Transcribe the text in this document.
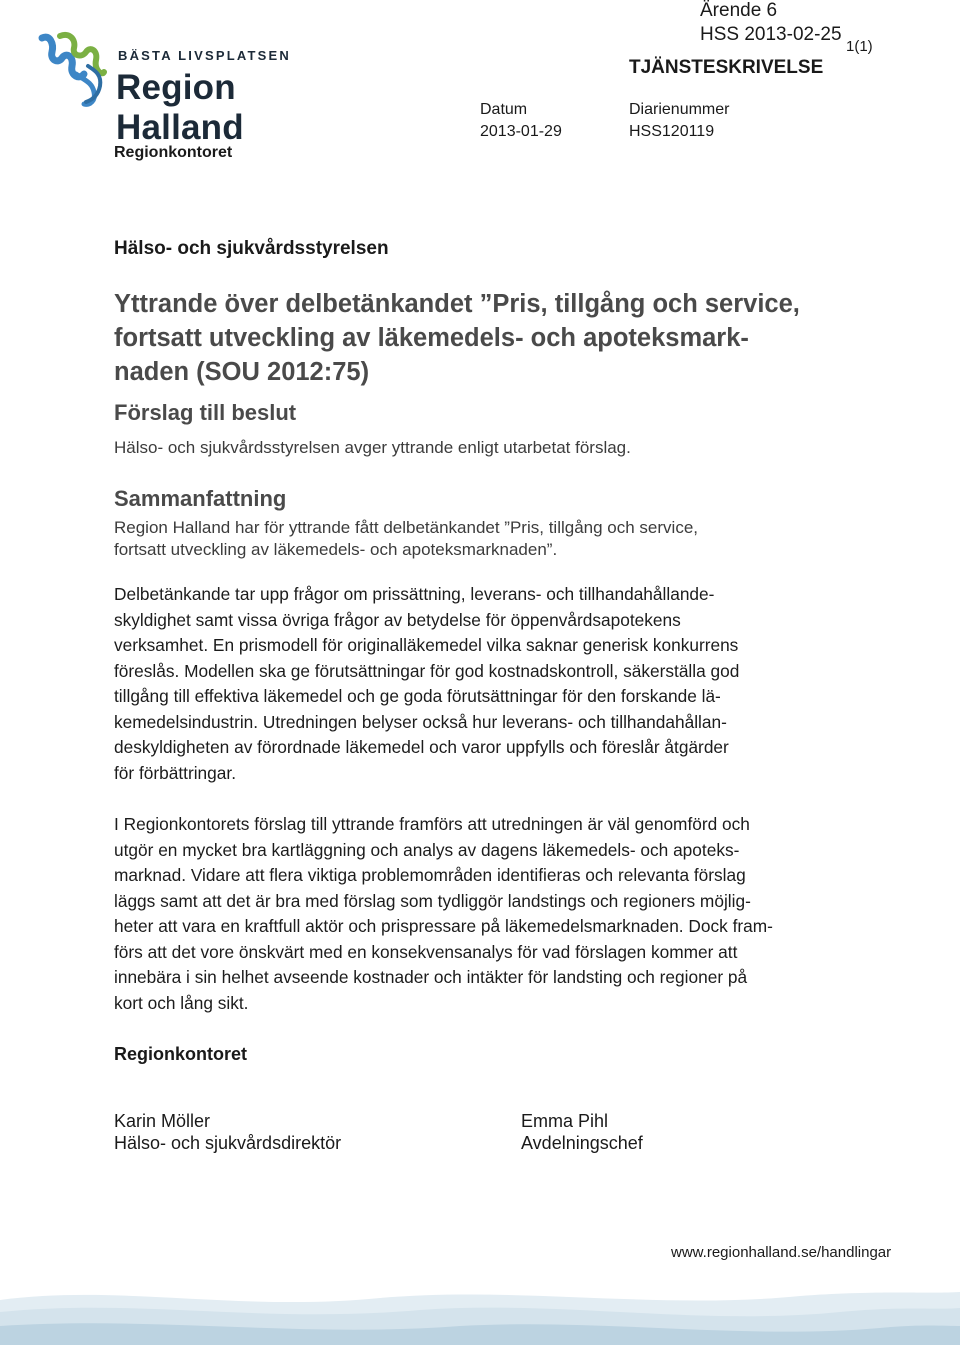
BÄSTA LIVSPLATSEN
Region Halland
Ärende 6
HSS 2013-02-25
1(1)
TJÄNSTESKRIVELSE
Datum	Diarienummer
2013-01-29	HSS120119
Regionkontoret
Hälso- och sjukvårdsstyrelsen
Yttrande över delbetänkandet ”Pris, tillgång och service,
fortsatt utveckling av läkemedels- och apoteksmark-
naden (SOU 2012:75)
Förslag till beslut
Hälso- och sjukvårdsstyrelsen avger yttrande enligt utarbetat förslag.
Sammanfattning
Region Halland har för yttrande fått delbetänkandet ”Pris, tillgång och service,
fortsatt utveckling av läkemedels- och apoteksmarknaden”.
Delbetänkande tar upp frågor om prissättning, leverans- och tillhandahållande-
skyldighet samt vissa övriga frågor av betydelse för öppenvårdsapotekens
verksamhet. En prismodell för originalläkemedel vilka saknar generisk konkurrens
föreslås. Modellen ska ge förutsättningar för god kostnadskontroll, säkerställa god
tillgång till effektiva läkemedel och ge goda förutsättningar för den forskande lä-
kemedelsindustrin. Utredningen belyser också hur leverans- och tillhandahållan-
deskyldigheten av förordnade läkemedel och varor uppfylls och föreslår åtgärder
för förbättringar.
I Regionkontorets förslag till yttrande framförs att utredningen är väl genomförd och
utgör en mycket bra kartläggning och analys av dagens läkemedels- och apoteks-
marknad. Vidare att flera viktiga problemområden identifieras och relevanta förslag
läggs samt att det är bra med förslag som tydliggör landstings och regioners möjlig-
heter att vara en kraftfull aktör och prispressare på läkemedelsmarknaden. Dock fram-
förs att det vore önskvärt med en konsekvensanalys för vad förslagen kommer att
innebära i sin helhet avseende kostnader och intäkter för landsting och regioner på
kort och lång sikt.
Regionkontoret
Karin Möller
Hälso- och sjukvårdsdirektör
Emma Pihl
Avdelningschef
www.regionhalland.se/handlingar
